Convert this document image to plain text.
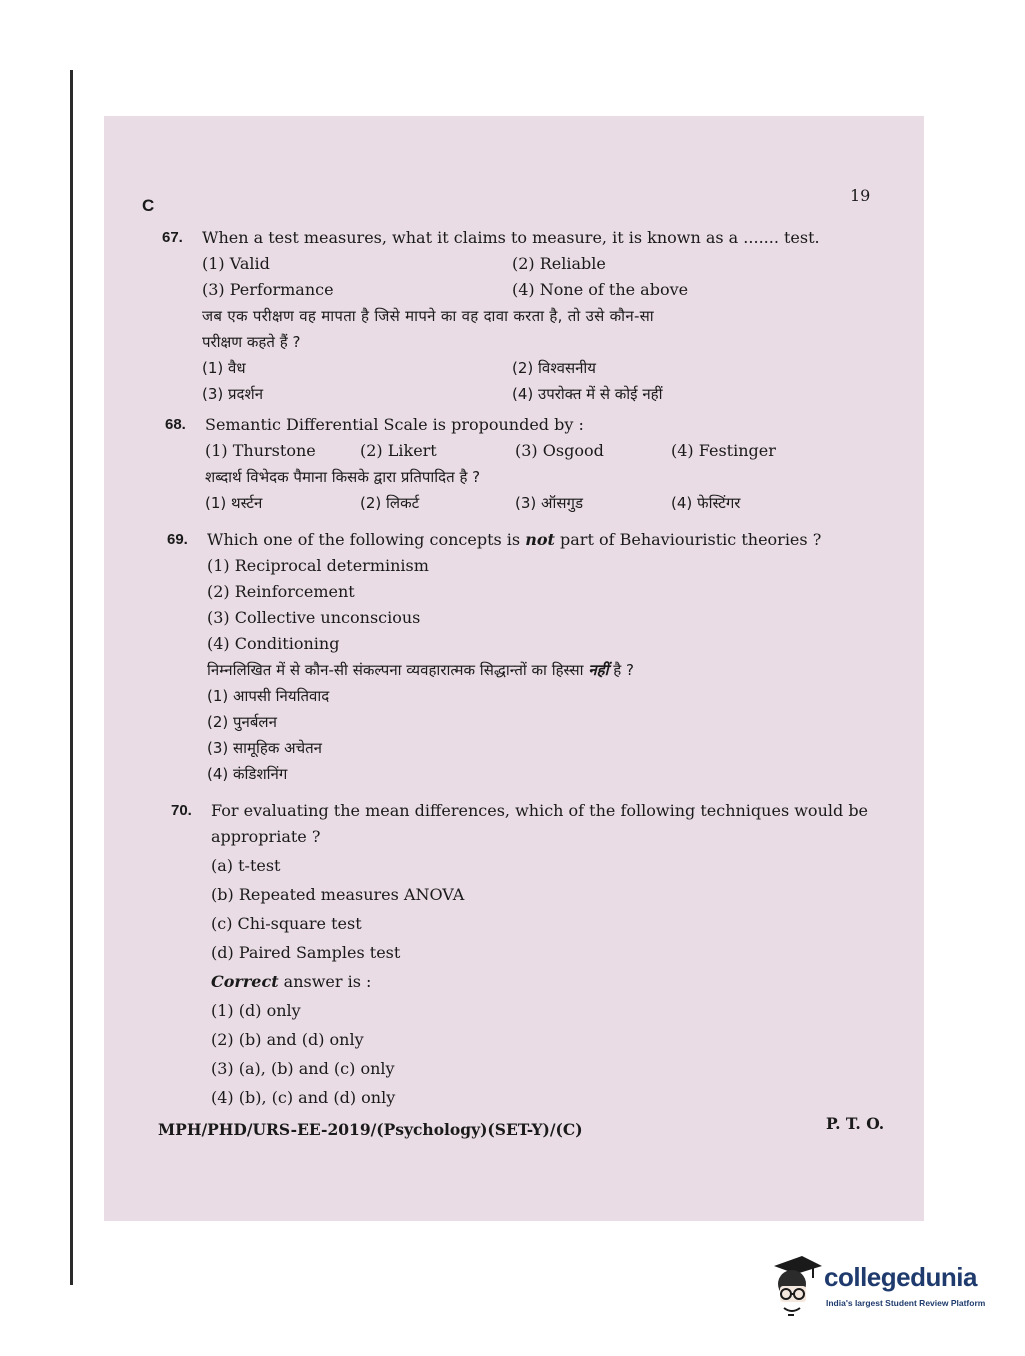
C
19
67. When a test measures, what it claims to measure, it is known as a ....... test.
(1) Valid	(2) Reliable
(3) Performance	(4) None of the above
जब एक परीक्षण वह मापता है जिसे मापने का वह दावा करता है, तो उसे कौन-सा
परीक्षण कहते हैं ?
(1) वैध	(2) विश्वसनीय
(3) प्रदर्शन	(4) उपरोक्त में से कोई नहीं
68. Semantic Differential Scale is propounded by :
(1) Thurstone	(2) Likert	(3) Osgood	(4) Festinger
शब्दार्थ विभेदक पैमाना किसके द्वारा प्रतिपादित है ?
(1) थर्स्टन	(2) लिकर्ट	(3) ऑसगुड	(4) फेस्टिंगर
69. Which one of the following concepts is not part of Behaviouristic theories ?
(1) Reciprocal determinism
(2) Reinforcement
(3) Collective unconscious
(4) Conditioning
निम्नलिखित में से कौन-सी संकल्पना व्यवहारात्मक सिद्धान्तों का हिस्सा नहीं है ?
(1) आपसी नियतिवाद
(2) पुनर्बलन
(3) सामूहिक अचेतन
(4) कंडिशनिंग
70. For evaluating the mean differences, which of the following techniques would be
appropriate ?
(a) t-test
(b) Repeated measures ANOVA
(c) Chi-square test
(d) Paired Samples test
Correct answer is :
(1) (d) only
(2) (b) and (d) only
(3) (a), (b) and (c) only
(4) (b), (c) and (d) only
MPH/PHD/URS-EE-2019/(Psychology)(SET-Y)/(C)	P. T. O.
collegedunia
India's largest Student Review Platform
